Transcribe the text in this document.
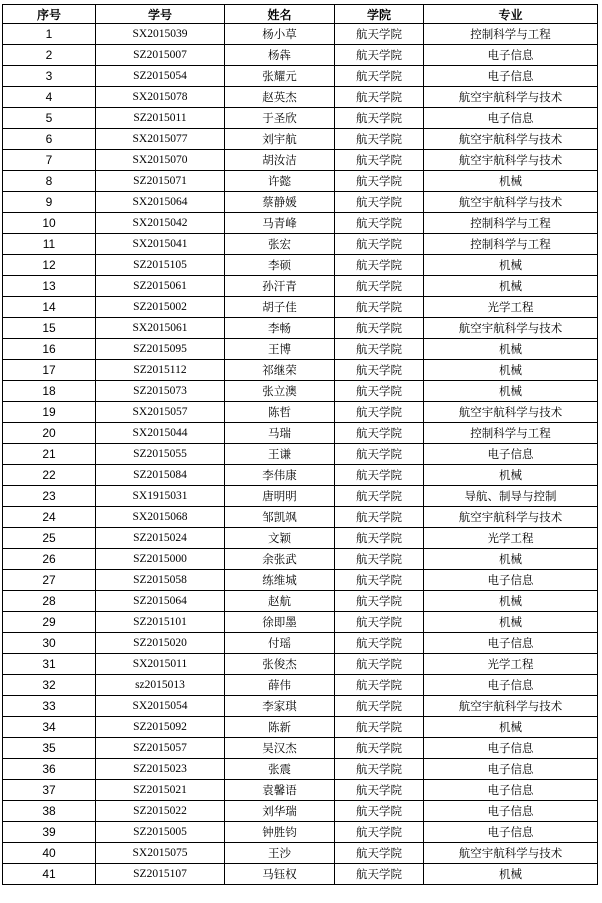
序号	学号	姓名	学院	专业
1	SX2015039	杨小草	航天学院	控制科学与工程
2	SZ2015007	杨犇	航天学院	电子信息
3	SZ2015054	张耀元	航天学院	电子信息
4	SX2015078	赵英杰	航天学院	航空宇航科学与技术
5	SZ2015011	于圣欣	航天学院	电子信息
6	SX2015077	刘宇航	航天学院	航空宇航科学与技术
7	SX2015070	胡汝洁	航天学院	航空宇航科学与技术
8	SZ2015071	许懿	航天学院	机械
9	SX2015064	蔡静媛	航天学院	航空宇航科学与技术
10	SX2015042	马青峰	航天学院	控制科学与工程
11	SX2015041	张宏	航天学院	控制科学与工程
12	SZ2015105	李硕	航天学院	机械
13	SZ2015061	孙汗青	航天学院	机械
14	SZ2015002	胡子佳	航天学院	光学工程
15	SX2015061	李畅	航天学院	航空宇航科学与技术
16	SZ2015095	王博	航天学院	机械
17	SZ2015112	祁继荣	航天学院	机械
18	SZ2015073	张立澳	航天学院	机械
19	SX2015057	陈哲	航天学院	航空宇航科学与技术
20	SX2015044	马瑞	航天学院	控制科学与工程
21	SZ2015055	王谦	航天学院	电子信息
22	SZ2015084	李伟康	航天学院	机械
23	SX1915031	唐明明	航天学院	导航、制导与控制
24	SX2015068	邹凯飒	航天学院	航空宇航科学与技术
25	SZ2015024	文颖	航天学院	光学工程
26	SZ2015000	余张武	航天学院	机械
27	SZ2015058	练维城	航天学院	电子信息
28	SZ2015064	赵航	航天学院	机械
29	SZ2015101	徐即墨	航天学院	机械
30	SZ2015020	付瑶	航天学院	电子信息
31	SX2015011	张俊杰	航天学院	光学工程
32	sz2015013	薛伟	航天学院	电子信息
33	SX2015054	李家琪	航天学院	航空宇航科学与技术
34	SZ2015092	陈新	航天学院	机械
35	SZ2015057	吴汉杰	航天学院	电子信息
36	SZ2015023	张震	航天学院	电子信息
37	SZ2015021	袁馨语	航天学院	电子信息
38	SZ2015022	刘华瑞	航天学院	电子信息
39	SZ2015005	钟胜钧	航天学院	电子信息
40	SX2015075	王沙	航天学院	航空宇航科学与技术
41	SZ2015107	马钰权	航天学院	机械
